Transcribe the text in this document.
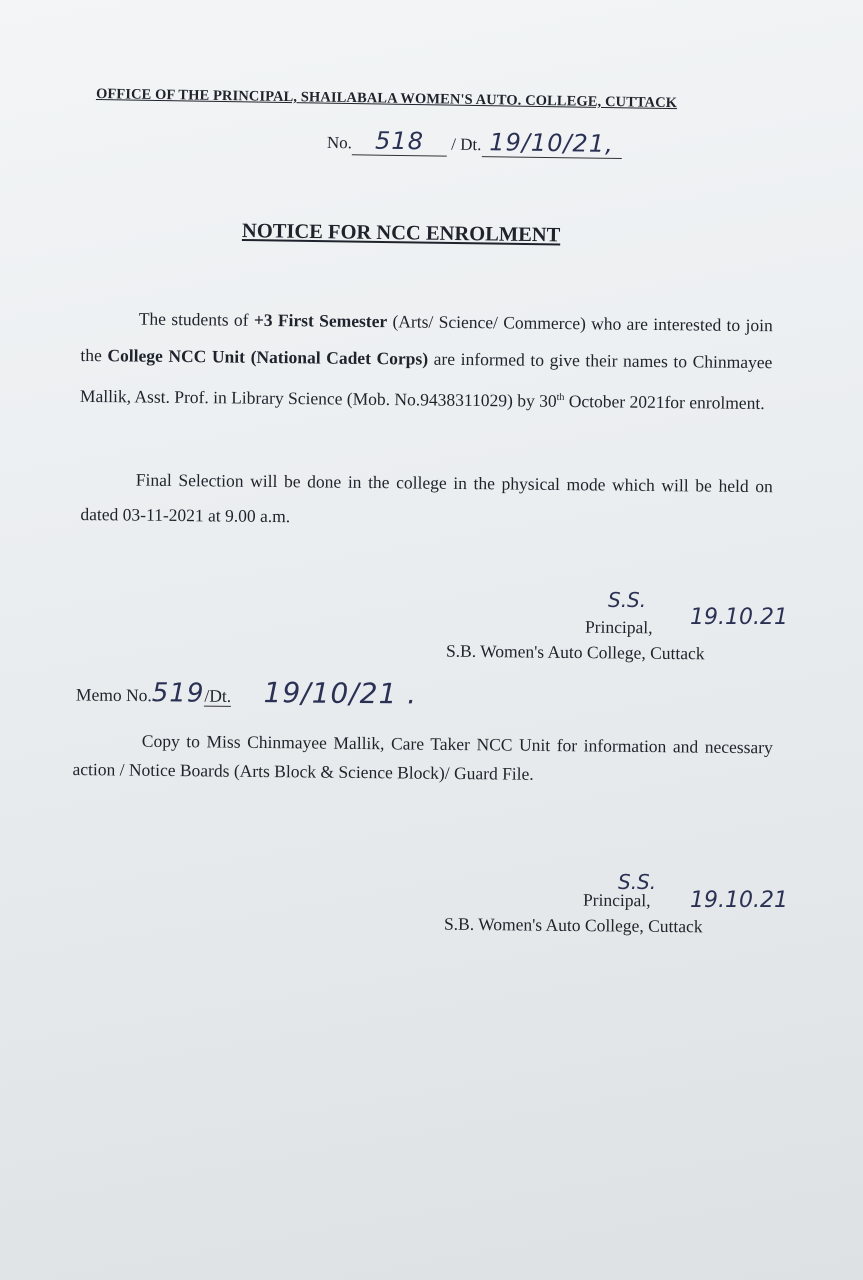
OFFICE OF THE PRINCIPAL, SHAILABALA WOMEN'S AUTO. COLLEGE, CUTTACK
No. 518 / Dt. 19/10/21,
NOTICE FOR NCC ENROLMENT
The students of +3 First Semester (Arts/ Science/ Commerce) who are interested to join the College NCC Unit (National Cadet Corps) are informed to give their names to Chinmayee Mallik, Asst. Prof. in Library Science (Mob. No.9438311029) by 30th October 2021for enrolment.
Final Selection will be done in the college in the physical mode which will be held on dated 03-11-2021 at 9.00 a.m.
S.S.
19.10.21
Principal,
S.B. Women's Auto College, Cuttack
Memo No.519/Dt. 19/10/21 .
Copy to Miss Chinmayee Mallik, Care Taker NCC Unit for information and necessary action / Notice Boards (Arts Block & Science Block)/ Guard File.
S.S.
19.10.21
Principal,
S.B. Women's Auto College, Cuttack
